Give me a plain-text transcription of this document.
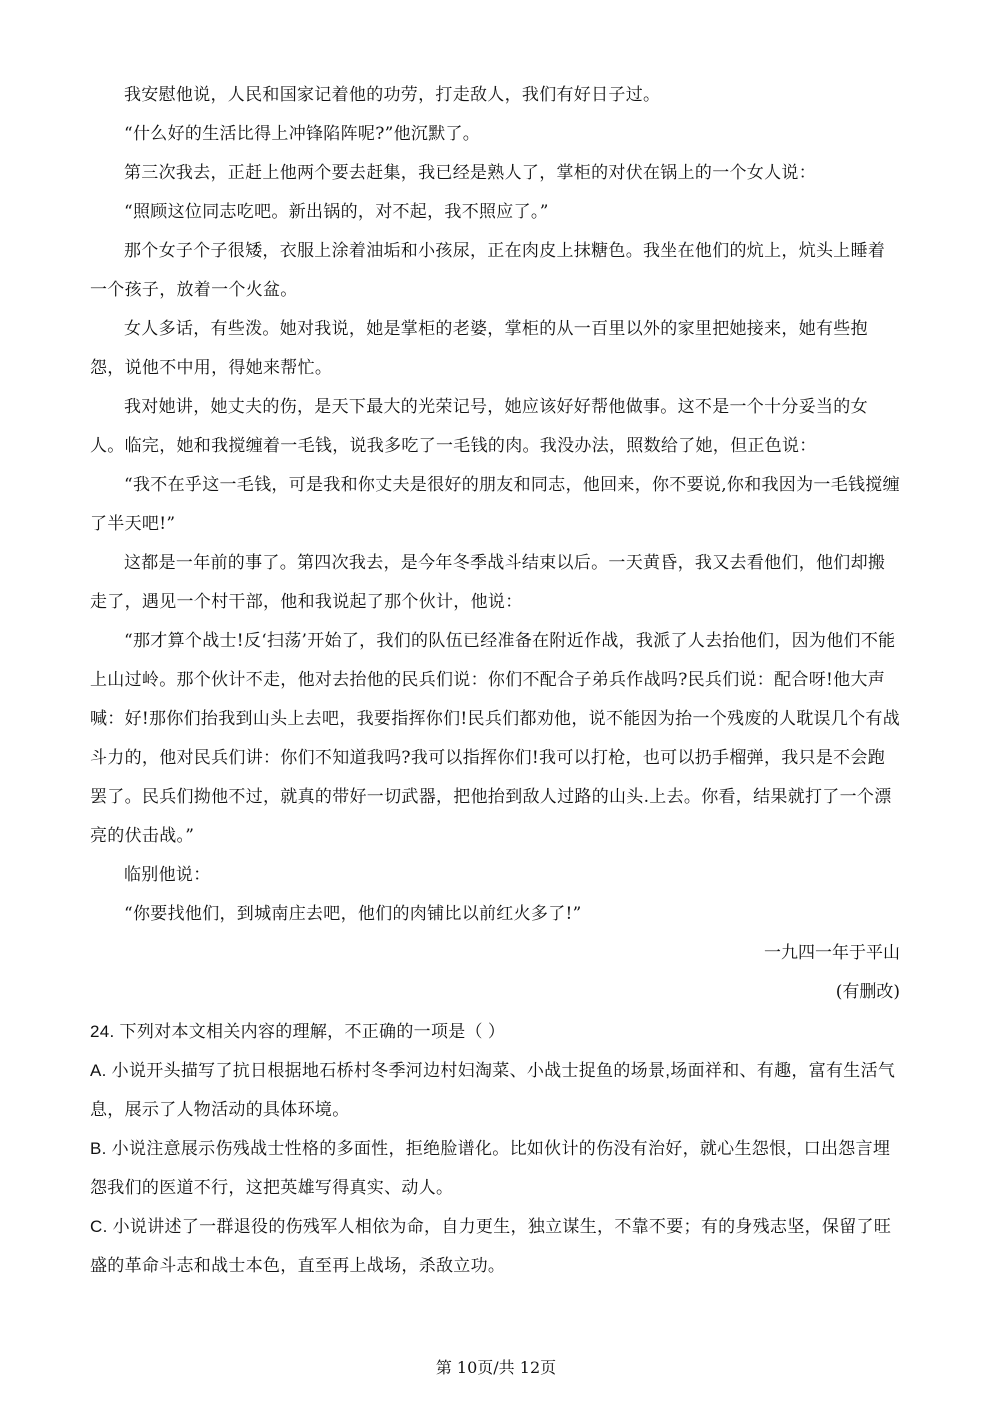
我安慰他说，人民和国家记着他的功劳，打走敌人，我们有好日子过。

“什么好的生活比得上冲锋陷阵呢?”他沉默了。

第三次我去，正赶上他两个要去赶集，我已经是熟人了，掌柜的对伏在锅上的一个女人说：

“照顾这位同志吃吧。新出锅的，对不起，我不照应了。”

那个女子个子很矮，衣服上涂着油垢和小孩尿，正在肉皮上抹糖色。我坐在他们的炕上，炕头上睡着一个孩子，放着一个火盆。

女人多话，有些泼。她对我说，她是掌柜的老婆，掌柜的从一百里以外的家里把她接来，她有些抱怨，说他不中用，得她来帮忙。

我对她讲，她丈夫的伤，是天下最大的光荣记号，她应该好好帮他做事。这不是一个十分妥当的女人。临完，她和我搅缠着一毛钱，说我多吃了一毛钱的肉。我没办法，照数给了她，但正色说：

“我不在乎这一毛钱，可是我和你丈夫是很好的朋友和同志，他回来，你不要说,你和我因为一毛钱搅缠了半天吧!”

这都是一年前的事了。第四次我去，是今年冬季战斗结束以后。一天黄昏，我又去看他们，他们却搬走了，遇见一个村干部，他和我说起了那个伙计，他说：

“那才算个战士!反‘扫荡’开始了，我们的队伍已经准备在附近作战，我派了人去抬他们，因为他们不能上山过岭。那个伙计不走，他对去抬他的民兵们说：你们不配合子弟兵作战吗?民兵们说：配合呀!他大声喊：好!那你们抬我到山头上去吧，我要指挥你们!民兵们都劝他，说不能因为抬一个残废的人耽误几个有战斗力的，他对民兵们讲：你们不知道我吗?我可以指挥你们!我可以打枪，也可以扔手榴弹，我只是不会跑罢了。民兵们拗他不过，就真的带好一切武器，把他抬到敌人过路的山头.上去。你看，结果就打了一个漂亮的伏击战。”

临别他说：

“你要找他们，到城南庄去吧，他们的肉铺比以前红火多了!”

一九四一年于平山

(有删改)

24. 下列对本文相关内容的理解，不正确的一项是（ ）

A. 小说开头描写了抗日根据地石桥村冬季河边村妇淘菜、小战士捉鱼的场景,场面祥和、有趣，富有生活气息，展示了人物活动的具体环境。

B. 小说注意展示伤残战士性格的多面性，拒绝脸谱化。比如伙计的伤没有治好，就心生怨恨，口出怨言埋怨我们的医道不行，这把英雄写得真实、动人。

C. 小说讲述了一群退役的伤残军人相依为命，自力更生，独立谋生，不靠不要；有的身残志坚，保留了旺盛的革命斗志和战士本色，直至再上战场，杀敌立功。

第 10页/共 12页
